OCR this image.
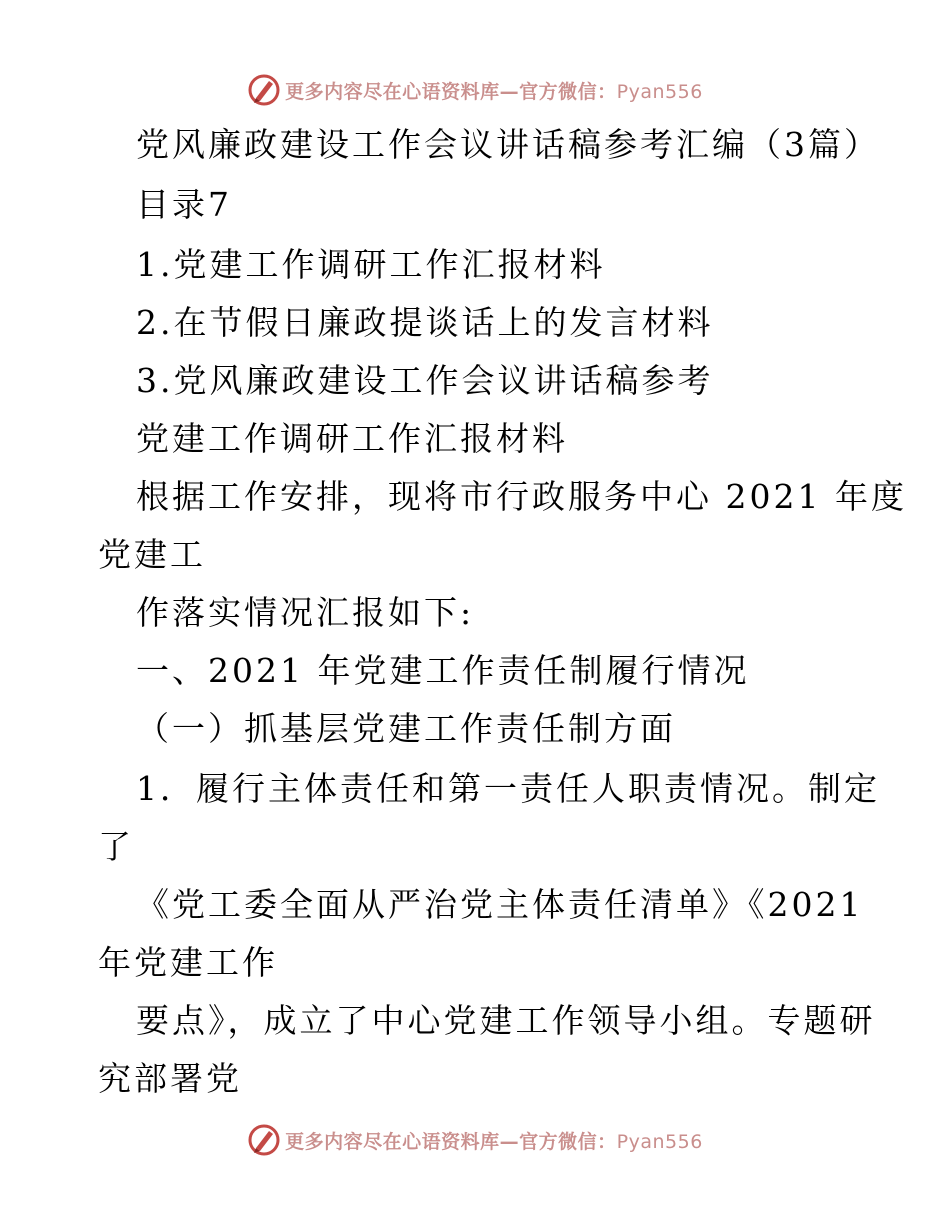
更多内容尽在心语资料库—官方微信：Pyan556
党风廉政建设工作会议讲话稿参考汇编（3篇）
目录7
1.党建工作调研工作汇报材料
2.在节假日廉政提谈话上的发言材料
3.党风廉政建设工作会议讲话稿参考
党建工作调研工作汇报材料
根据工作安排，现将市行政服务中心 2021 年度
党建工
作落实情况汇报如下:
一、2021 年党建工作责任制履行情况
（一）抓基层党建工作责任制方面
1．履行主体责任和第一责任人职责情况。制定
了
《党工委全面从严治党主体责任清单》《2021
年党建工作
要点》，成立了中心党建工作领导小组。专题研
究部署党
更多内容尽在心语资料库—官方微信：Pyan556
